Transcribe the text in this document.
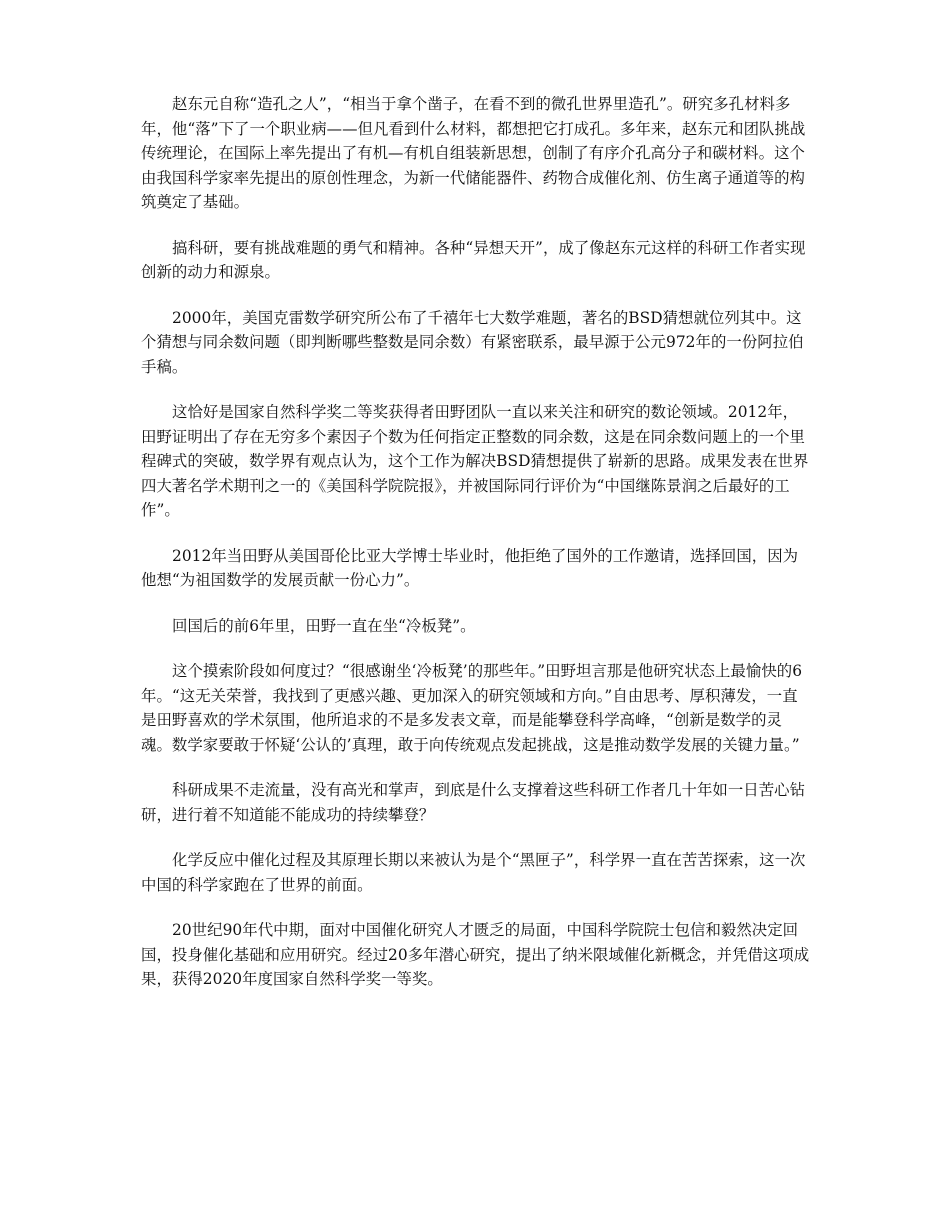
赵东元自称“造孔之人”，“相当于拿个凿子，在看不到的微孔世界里造孔”。研究多孔材料多年，他“落”下了一个职业病——但凡看到什么材料，都想把它打成孔。多年来，赵东元和团队挑战传统理论，在国际上率先提出了有机—有机自组装新思想，创制了有序介孔高分子和碳材料。这个由我国科学家率先提出的原创性理念，为新一代储能器件、药物合成催化剂、仿生离子通道等的构筑奠定了基础。

搞科研，要有挑战难题的勇气和精神。各种“异想天开”，成了像赵东元这样的科研工作者实现创新的动力和源泉。

2000年，美国克雷数学研究所公布了千禧年七大数学难题，著名的BSD猜想就位列其中。这个猜想与同余数问题（即判断哪些整数是同余数）有紧密联系，最早源于公元972年的一份阿拉伯手稿。

这恰好是国家自然科学奖二等奖获得者田野团队一直以来关注和研究的数论领域。2012年，田野证明出了存在无穷多个素因子个数为任何指定正整数的同余数，这是在同余数问题上的一个里程碑式的突破，数学界有观点认为，这个工作为解决BSD猜想提供了崭新的思路。成果发表在世界四大著名学术期刊之一的《美国科学院院报》，并被国际同行评价为“中国继陈景润之后最好的工作”。

2012年当田野从美国哥伦比亚大学博士毕业时，他拒绝了国外的工作邀请，选择回国，因为他想“为祖国数学的发展贡献一份心力”。

回国后的前6年里，田野一直在坐“冷板凳”。

这个摸索阶段如何度过？“很感谢坐‘冷板凳’的那些年。”田野坦言那是他研究状态上最愉快的6年。“这无关荣誉，我找到了更感兴趣、更加深入的研究领域和方向。”自由思考、厚积薄发，一直是田野喜欢的学术氛围，他所追求的不是多发表文章，而是能攀登科学高峰，“创新是数学的灵魂。数学家要敢于怀疑‘公认的’真理，敢于向传统观点发起挑战，这是推动数学发展的关键力量。”

科研成果不走流量，没有高光和掌声，到底是什么支撑着这些科研工作者几十年如一日苦心钻研，进行着不知道能不能成功的持续攀登？

化学反应中催化过程及其原理长期以来被认为是个“黑匣子”，科学界一直在苦苦探索，这一次中国的科学家跑在了世界的前面。

20世纪90年代中期，面对中国催化研究人才匮乏的局面，中国科学院院士包信和毅然决定回国，投身催化基础和应用研究。经过20多年潜心研究，提出了纳米限域催化新概念，并凭借这项成果，获得2020年度国家自然科学奖一等奖。
